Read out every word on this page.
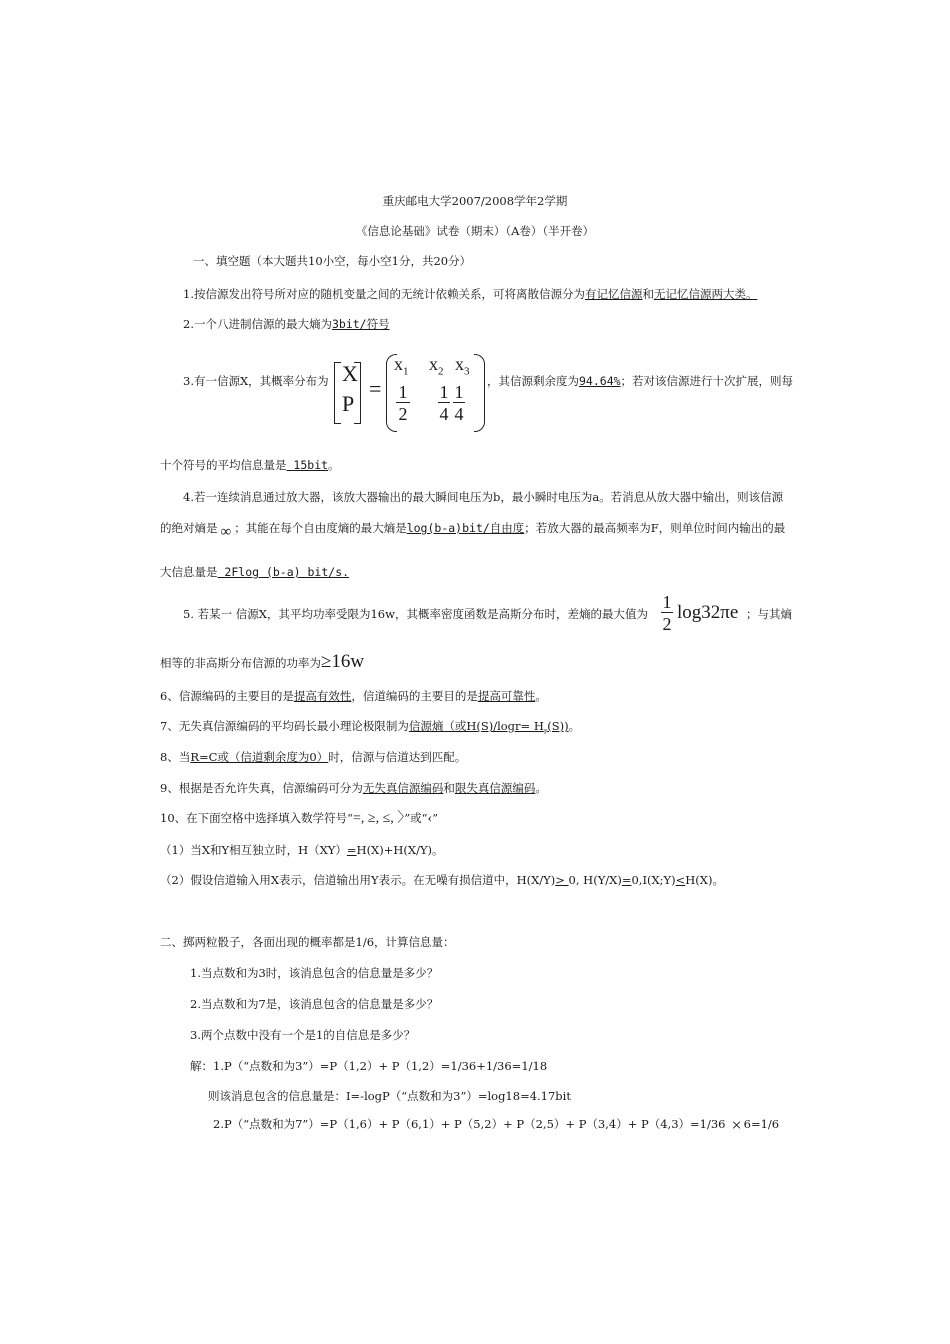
重庆邮电大学2007/2008学年2学期
《信息论基础》试卷（期末）（A卷）（半开卷）
一、填空题（本大题共10小空，每小空1分，共20分）
1.按信源发出符号所对应的随机变量之间的无统计依赖关系，可将离散信源分为有记忆信源和无记忆信源两大类。
2.一个八进制信源的最大熵为3bit/符号
3.有一信源X，其概率分布为 X
P
=
$x_1$ $x_2$ $x_3$
1
2
1
4
1
4
，其信源剩余度为94.64%；若对该信源进行十次扩展，则每
十个符号的平均信息量是 15bit。
4.若一连续消息通过放大器，该放大器输出的最大瞬间电压为b，最小瞬时电压为a。若消息从放大器中输出，则该信源
的绝对熵是 ∞ ；其能在每个自由度熵的最大熵是log(b-a)bit/自由度；若放大器的最高频率为F，则单位时间内输出的最
大信息量是 2Flog (b-a) bit/s.
5. 若某一 信源X，其平均功率受限为16w，其概率密度函数是高斯分布时，差熵的最大值为
1
2
log32πe ；与其熵
相等的非高斯分布信源的功率为≥16w
6、信源编码的主要目的是提高有效性，信道编码的主要目的是提高可靠性。
7、无失真信源编码的平均码长最小理论极限制为信源熵（或$H(S)/\log r= H_r(S)$)。
8、当R=C或（信道剩余度为0）时，信源与信道达到匹配。
9、根据是否允许失真，信源编码可分为无失真信源编码和限失真信源编码。
10、在下面空格中选择填入数学符号“=, ≥, ≤, 〉”或“‹”
（1）当X和Y相互独立时，H（XY）=H(X)+H(X/Y)。
（2）假设信道输入用X表示，信道输出用Y表示。在无噪有损信道中，H(X/Y)> 0, H(Y/X)=0,I(X;Y)<H(X)。
二、掷两粒骰子，各面出现的概率都是1/6，计算信息量：
1.当点数和为3时，该消息包含的信息量是多少？
2.当点数和为7是，该消息包含的信息量是多少？
3.两个点数中没有一个是1的自信息是多少？
解：1.P（“点数和为3”）=P（1,2）+ P（1,2）=1/36+1/36=1/18
则该消息包含的信息量是：I=-logP（“点数和为3”）=log18=4.17bit
2.P（“点数和为7”）=P（1,6）+ P（6,1）+ P（5,2）+ P（2,5）+ P（3,4）+ P（4,3）=1/36 × 6=1/6
